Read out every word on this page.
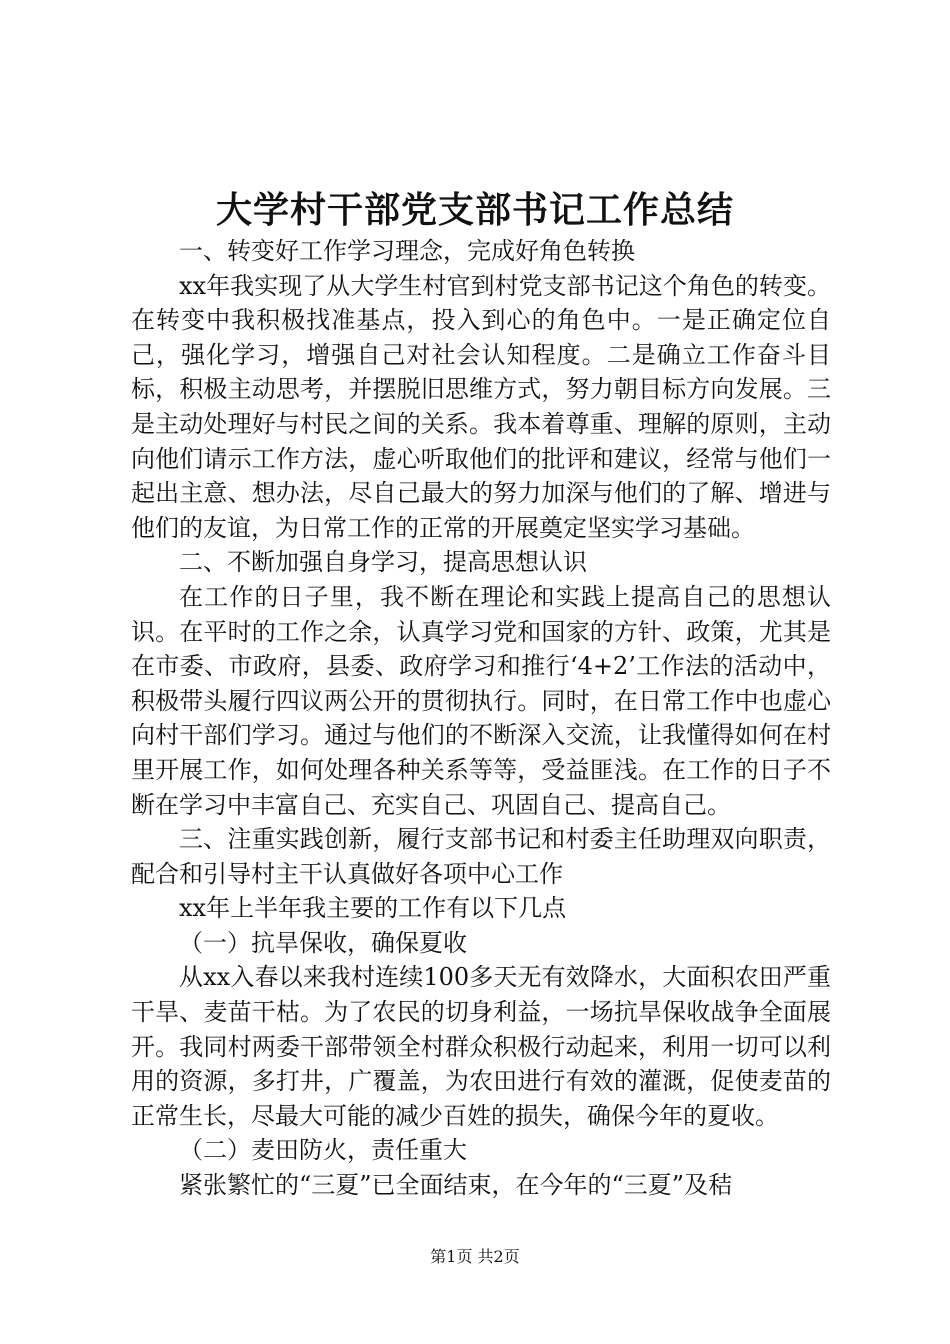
大学村干部党支部书记工作总结

一、转变好工作学习理念，完成好角色转换

xx年我实现了从大学生村官到村党支部书记这个角色的转变。在转变中我积极找准基点，投入到心的角色中。一是正确定位自己，强化学习，增强自己对社会认知程度。二是确立工作奋斗目标，积极主动思考，并摆脱旧思维方式，努力朝目标方向发展。三是主动处理好与村民之间的关系。我本着尊重、理解的原则，主动向他们请示工作方法，虚心听取他们的批评和建议，经常与他们一起出主意、想办法，尽自己最大的努力加深与他们的了解、增进与他们的友谊，为日常工作的正常的开展奠定坚实学习基础。

二、不断加强自身学习，提高思想认识

在工作的日子里，我不断在理论和实践上提高自己的思想认识。在平时的工作之余，认真学习党和国家的方针、政策，尤其是在市委、市政府，县委、政府学习和推行‘4+2’工作法的活动中，积极带头履行四议两公开的贯彻执行。同时，在日常工作中也虚心向村干部们学习。通过与他们的不断深入交流，让我懂得如何在村里开展工作，如何处理各种关系等等，受益匪浅。在工作的日子不断在学习中丰富自己、充实自己、巩固自己、提高自己。

三、注重实践创新，履行支部书记和村委主任助理双向职责，配合和引导村主干认真做好各项中心工作

xx年上半年我主要的工作有以下几点

（一）抗旱保收，确保夏收

从xx入春以来我村连续100多天无有效降水，大面积农田严重干旱、麦苗干枯。为了农民的切身利益，一场抗旱保收战争全面展开。我同村两委干部带领全村群众积极行动起来，利用一切可以利用的资源，多打井，广覆盖，为农田进行有效的灌溉，促使麦苗的正常生长，尽最大可能的减少百姓的损失，确保今年的夏收。

（二）麦田防火，责任重大

紧张繁忙的“三夏”已全面结束，在今年的“三夏”及秸

第1页 共2页
